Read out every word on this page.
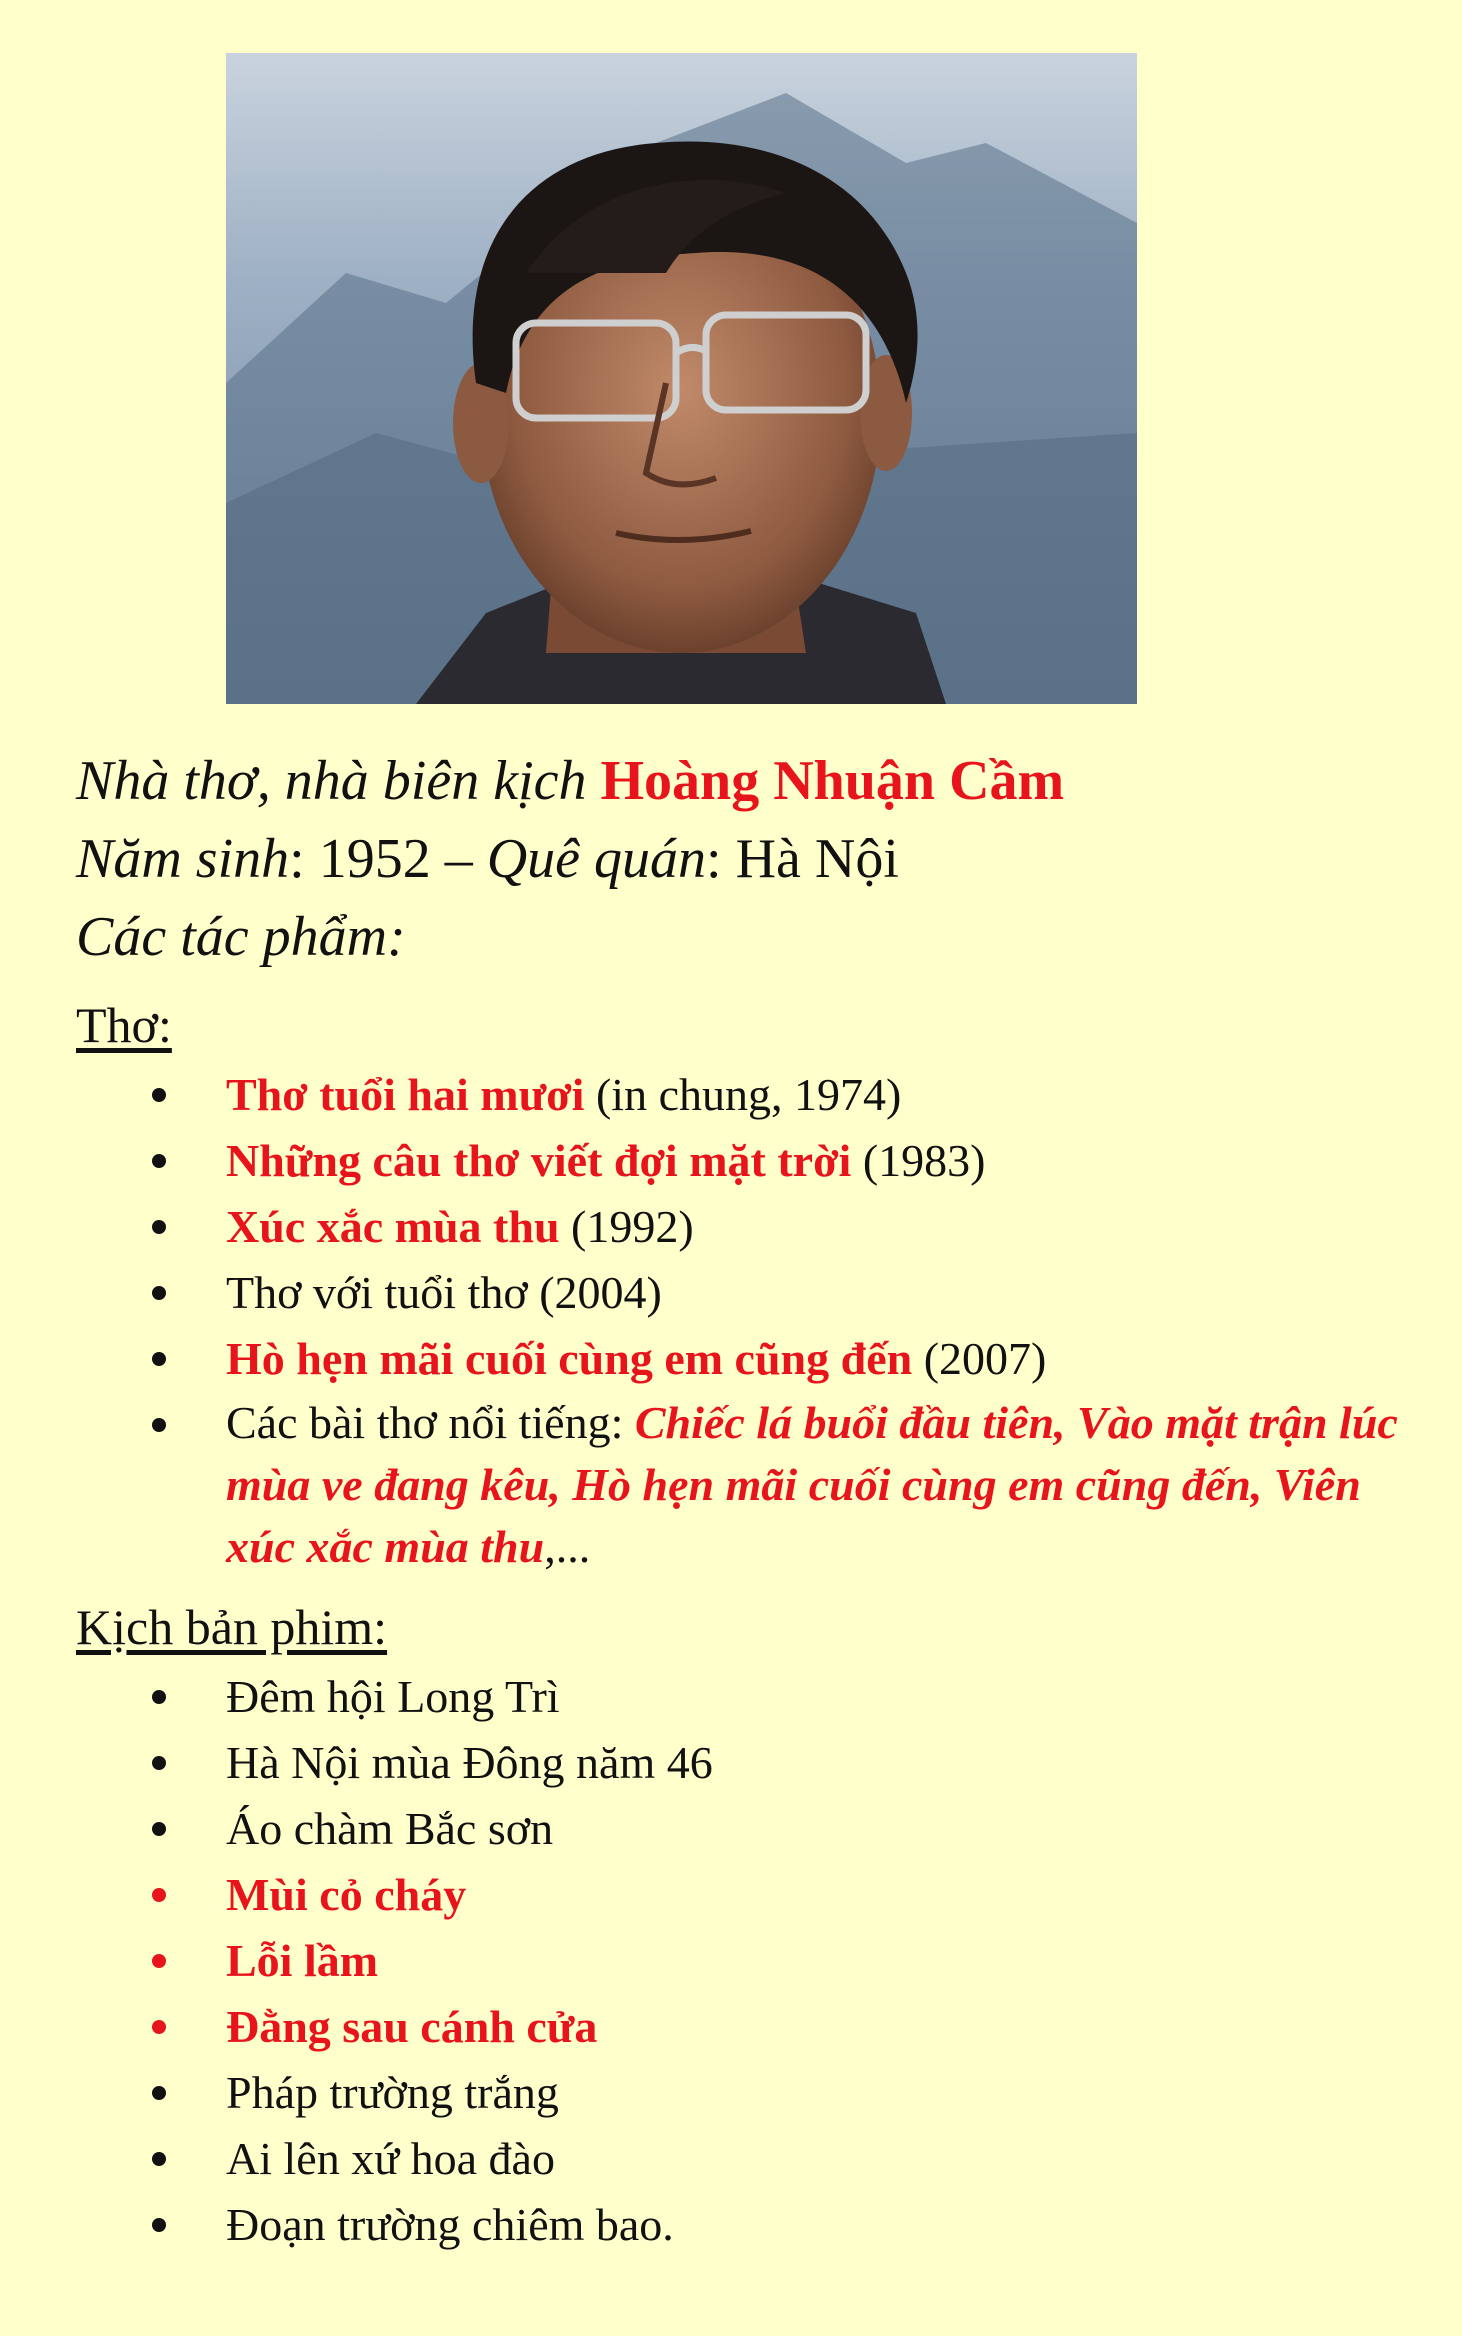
Nhà thơ, nhà biên kịch Hoàng Nhuận Cầm
Năm sinh: 1952 – Quê quán: Hà Nội
Các tác phẩm:
Thơ:
Thơ tuổi hai mươi (in chung, 1974)
Những câu thơ viết đợi mặt trời (1983)
Xúc xắc mùa thu (1992)
Thơ với tuổi thơ (2004)
Hò hẹn mãi cuối cùng em cũng đến (2007)
Các bài thơ nổi tiếng: Chiếc lá buổi đầu tiên, Vào mặt trận lúc mùa ve đang kêu, Hò hẹn mãi cuối cùng em cũng đến, Viên xúc xắc mùa thu,...
Kịch bản phim:
Đêm hội Long Trì
Hà Nội mùa Đông năm 46
Áo chàm Bắc sơn
Mùi cỏ cháy
Lỗi lầm
Đằng sau cánh cửa
Pháp trường trắng
Ai lên xứ hoa đào
Đoạn trường chiêm bao.
